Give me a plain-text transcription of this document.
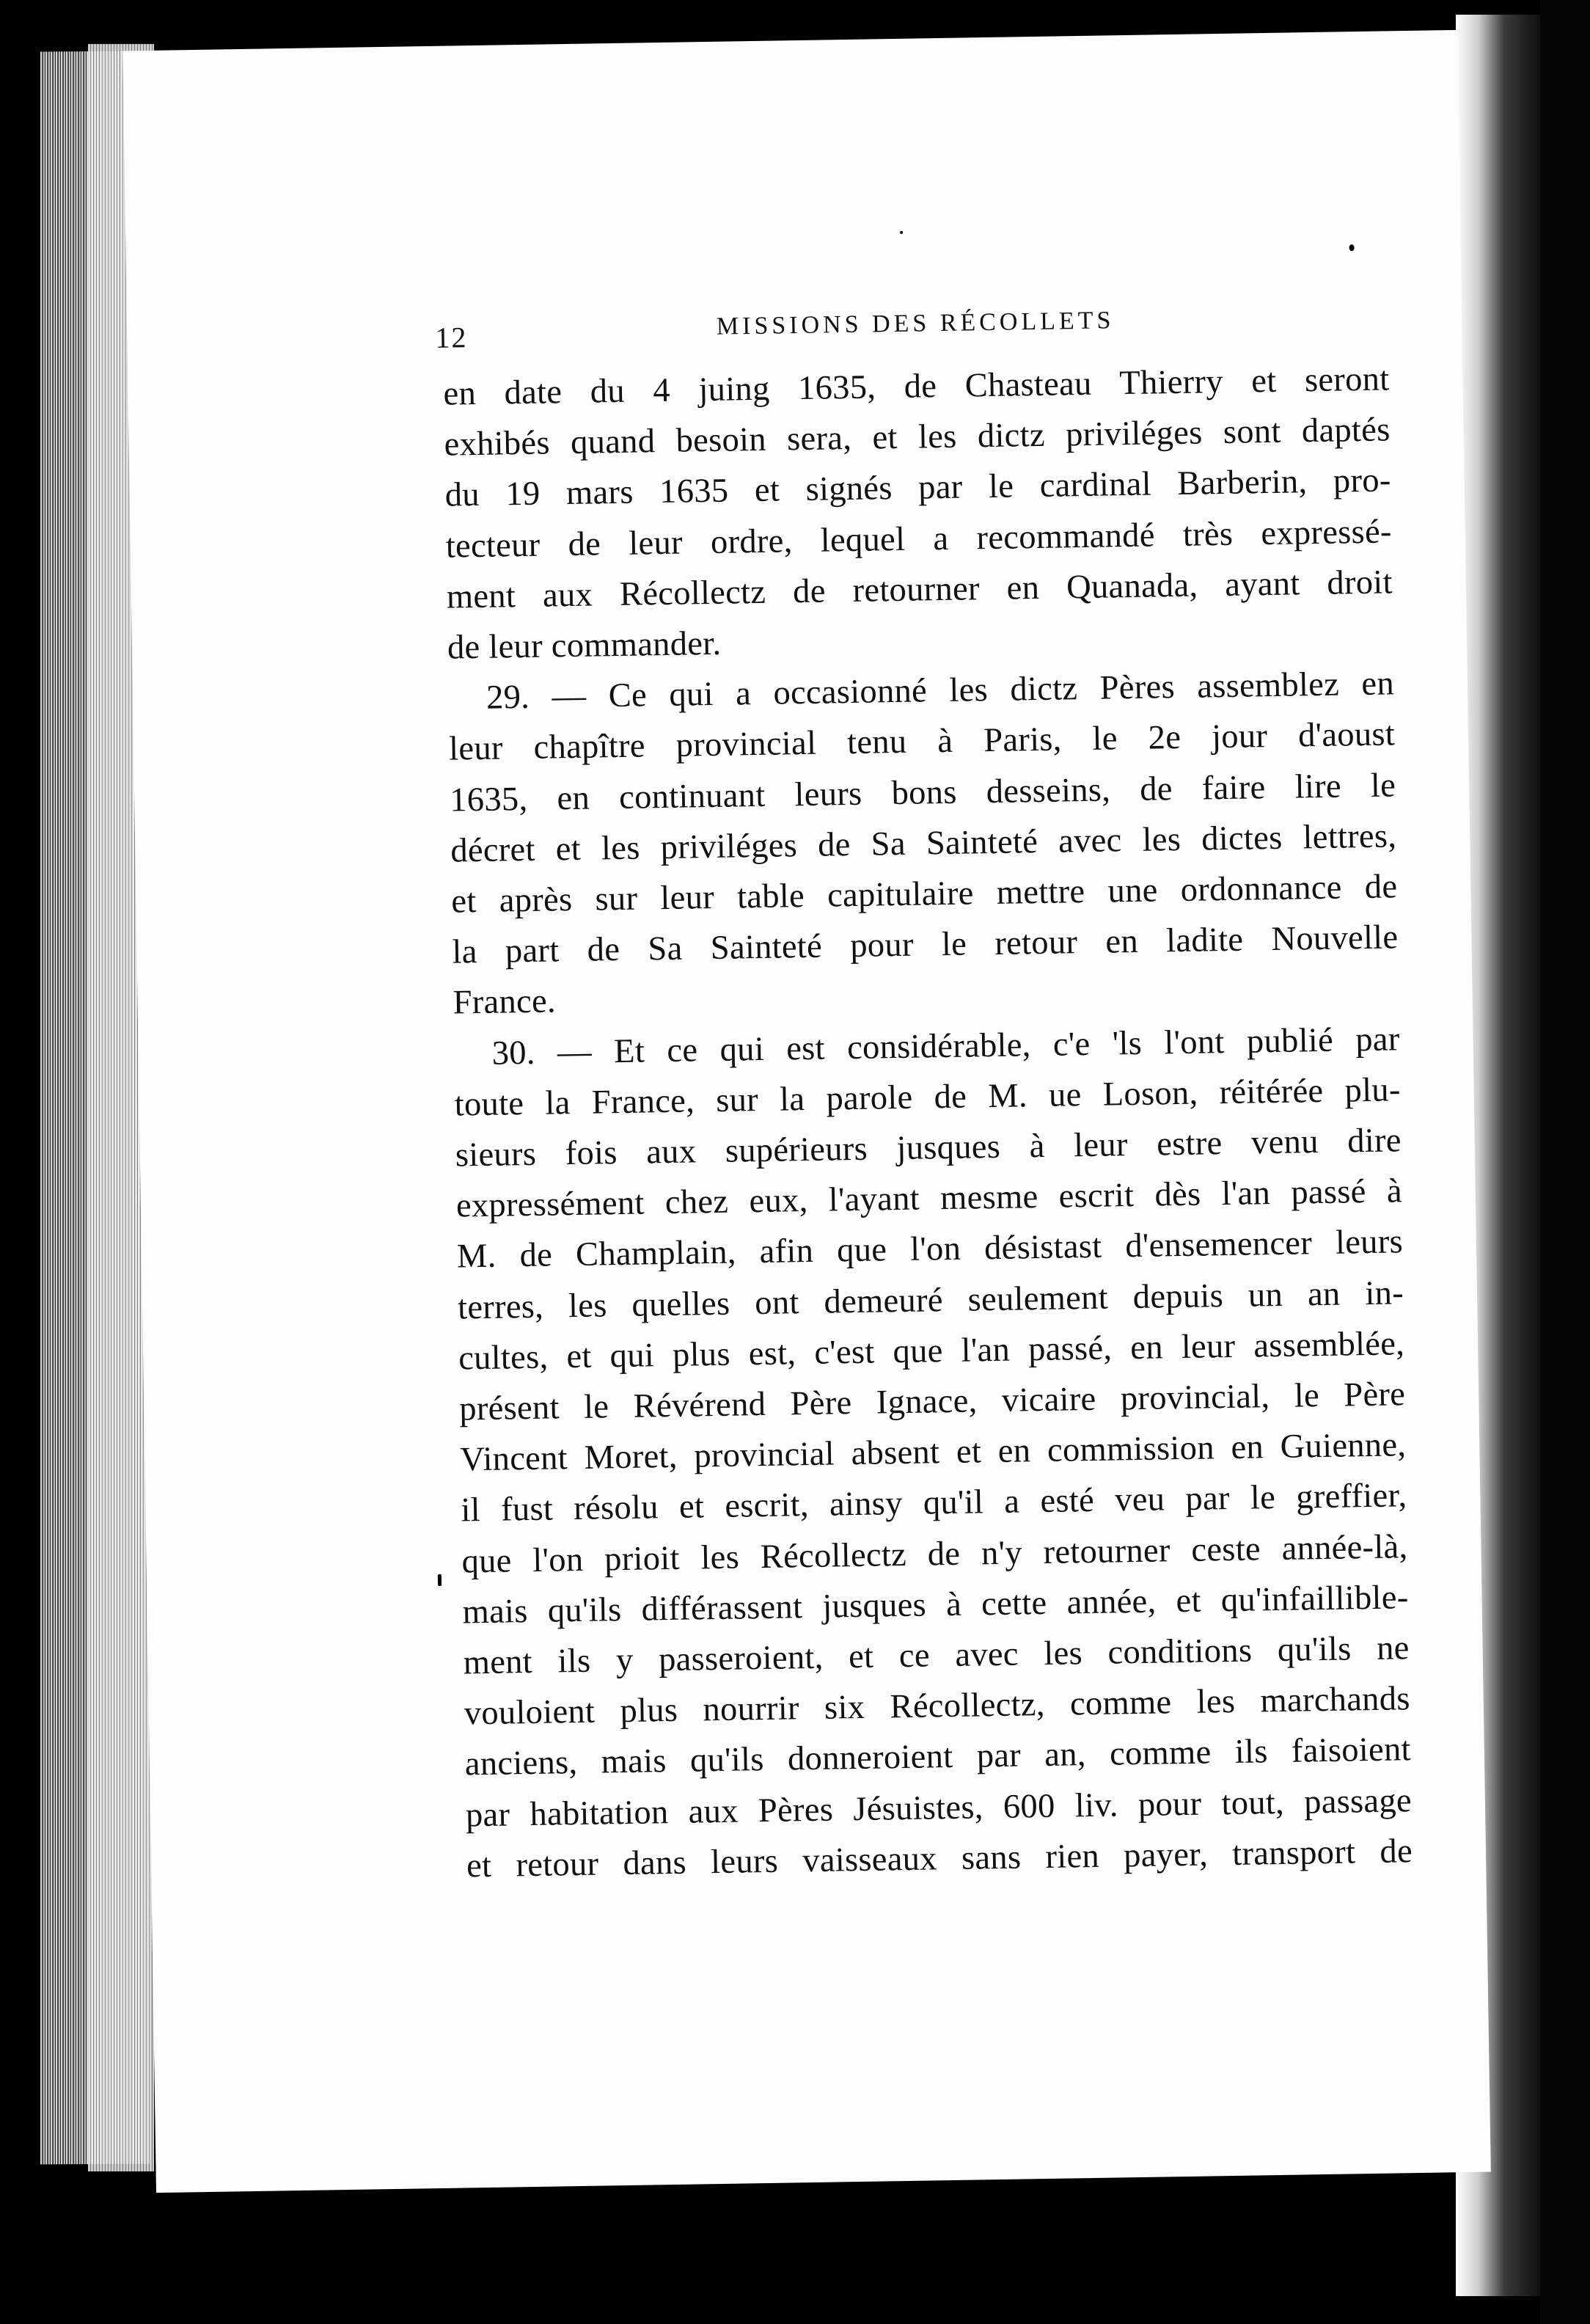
12	MISSIONS DES RÉCOLLETS
en date du 4 juing 1635, de Chasteau Thierry et seront
exhibés quand besoin sera, et les dictz priviléges sont daptés
du 19 mars 1635 et signés par le cardinal Barberin, pro-
tecteur de leur ordre, lequel a recommandé très expressé-
ment aux Récollectz de retourner en Quanada, ayant droit
de leur commander.
29. — Ce qui a occasionné les dictz Pères assemblez en
leur chapître provincial tenu à Paris, le 2e jour d'aoust
1635, en continuant leurs bons desseins, de faire lire le
décret et les priviléges de Sa Sainteté avec les dictes lettres,
et après sur leur table capitulaire mettre une ordonnance de
la part de Sa Sainteté pour le retour en ladite Nouvelle
France.
30. — Et ce qui est considérable, c'e 'ls l'ont publié par
toute la France, sur la parole de M. ue Loson, réitérée plu-
sieurs fois aux supérieurs jusques à leur estre venu dire
expressément chez eux, l'ayant mesme escrit dès l'an passé à
M. de Champlain, afin que l'on désistast d'ensemencer leurs
terres, les quelles ont demeuré seulement depuis un an in-
cultes, et qui plus est, c'est que l'an passé, en leur assemblée,
présent le Révérend Père Ignace, vicaire provincial, le Père
Vincent Moret, provincial absent et en commission en Guienne,
il fust résolu et escrit, ainsy qu'il a esté veu par le greffier,
que l'on prioit les Récollectz de n'y retourner ceste année-là,
mais qu'ils différassent jusques à cette année, et qu'infaillible-
ment ils y passeroient, et ce avec les conditions qu'ils ne
vouloient plus nourrir six Récollectz, comme les marchands
anciens, mais qu'ils donneroient par an, comme ils faisoient
par habitation aux Pères Jésuistes, 600 liv. pour tout, passage
et retour dans leurs vaisseaux sans rien payer, transport de
